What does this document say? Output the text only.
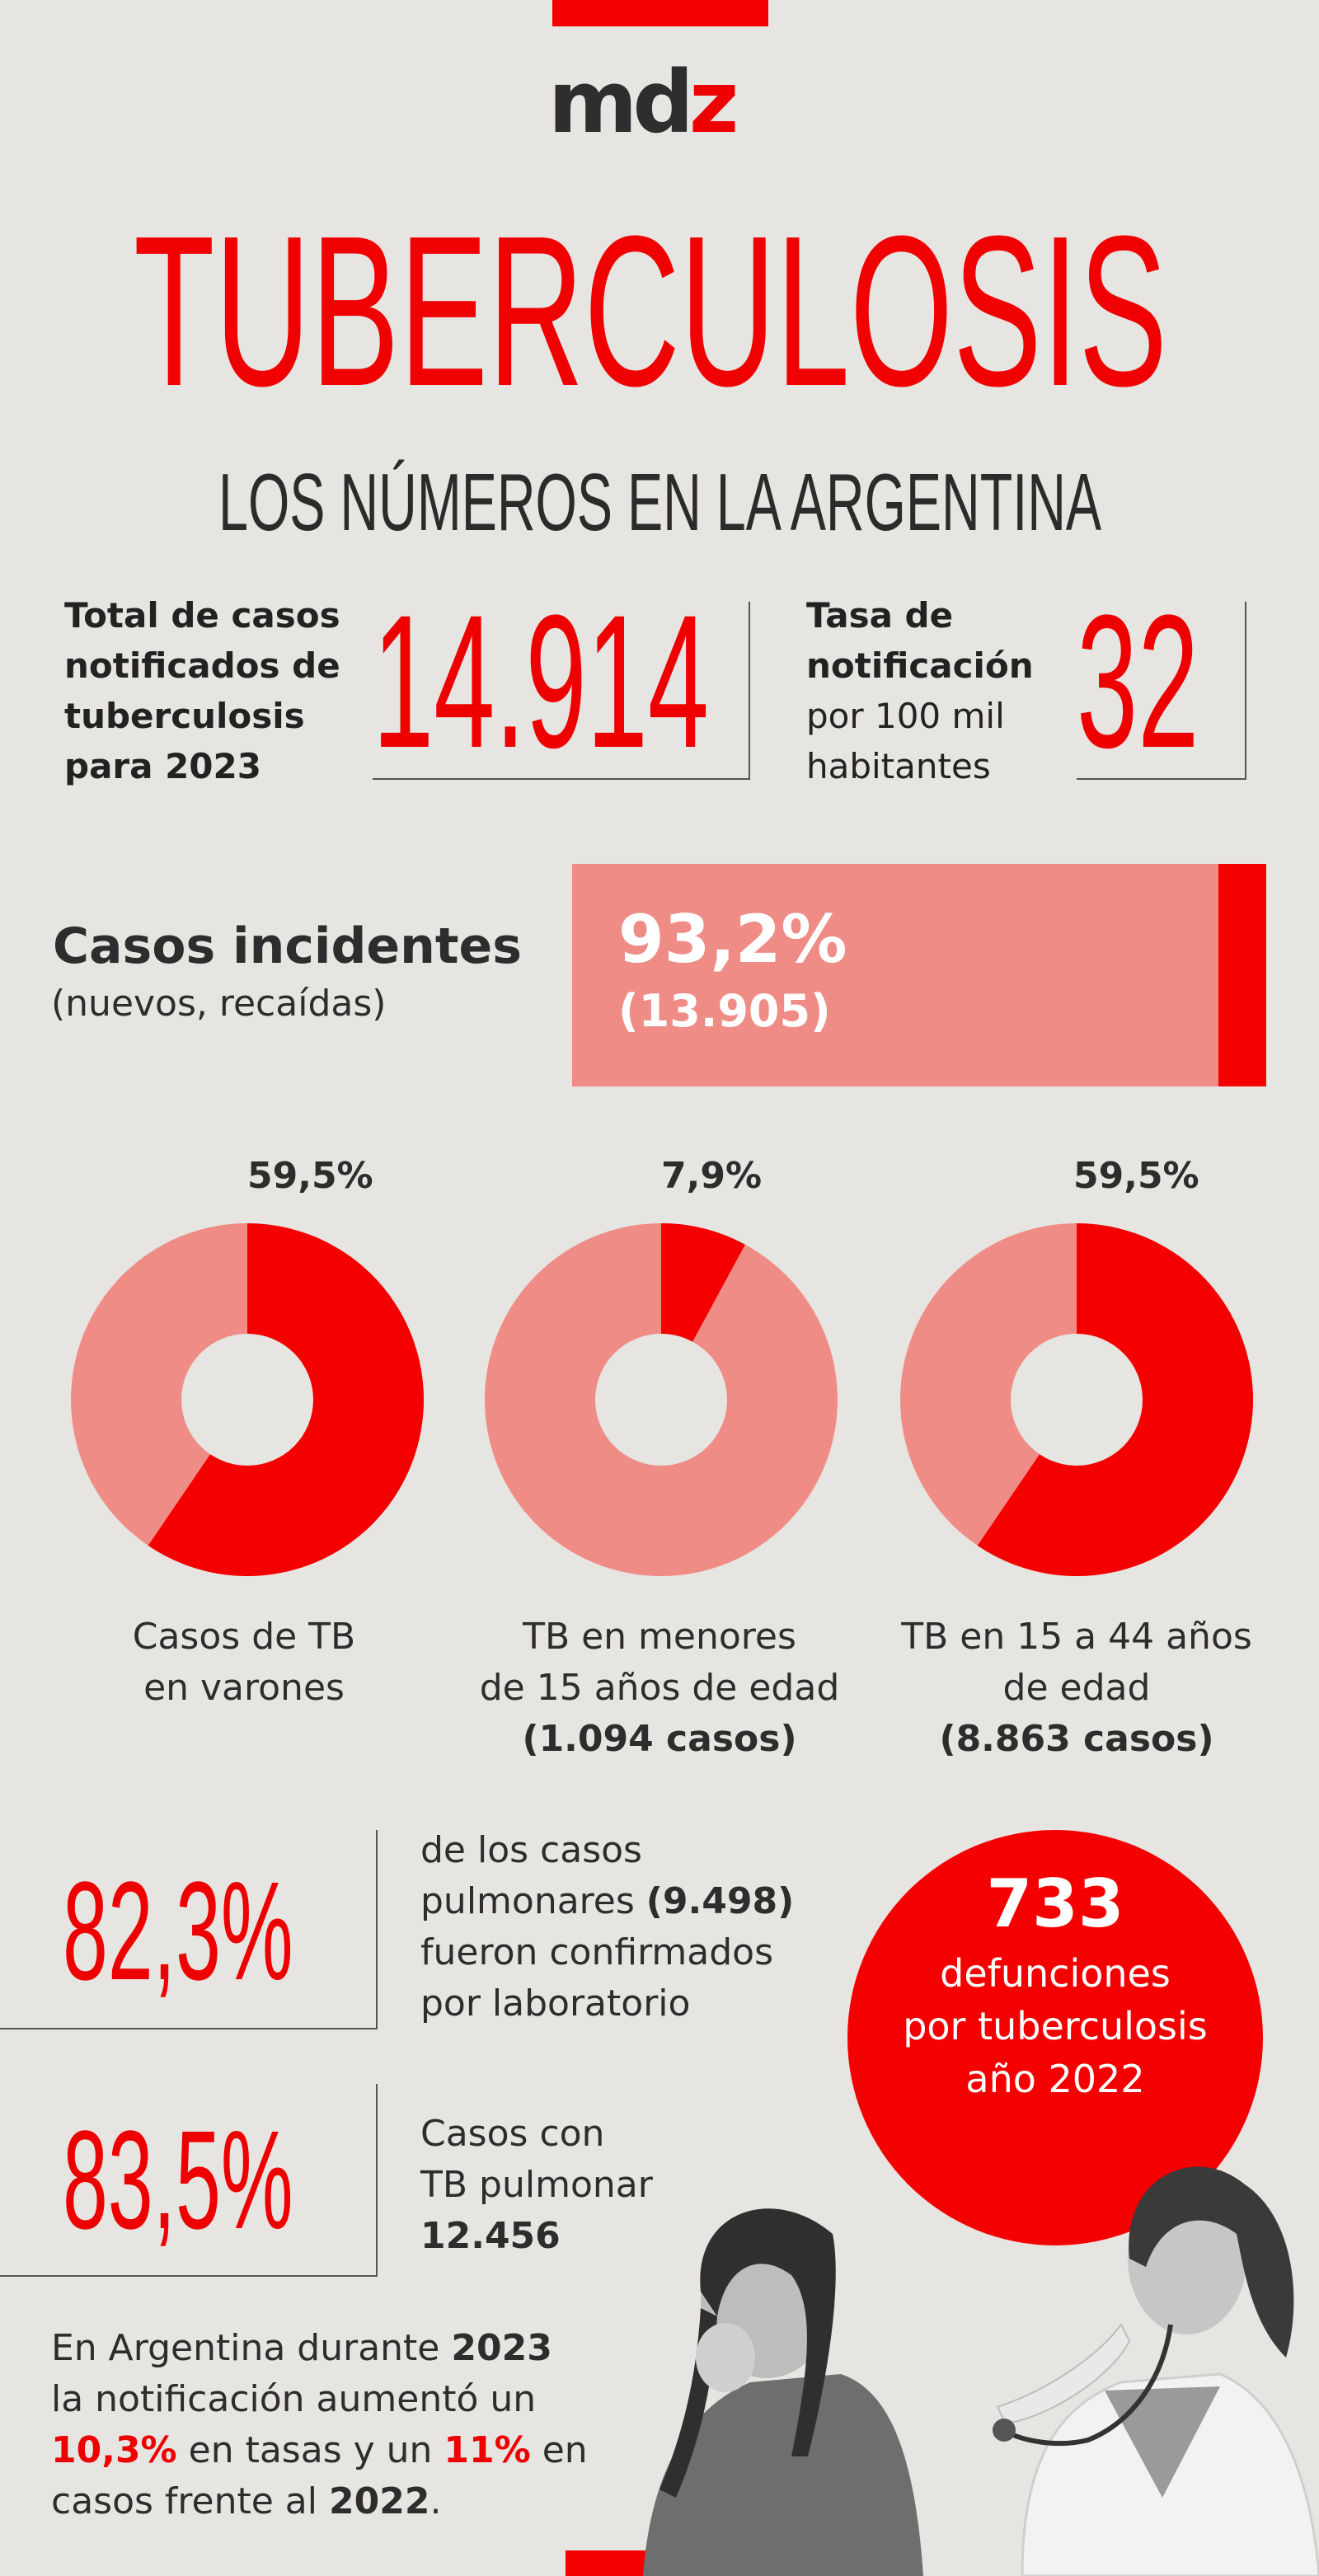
mdz
TUBERCULOSIS
LOS NÚMEROS EN LA ARGENTINA
Total de casos
notificados de
tuberculosis
para 2023 14.914	Tasa de
notificación
por 100 mil
habitantes 32
Casos incidentes
(nuevos, recaídas)
93,2%
(13.905)
59,5%	7,9%	59,5%
Casos de TB
en varones
TB en menores
de 15 años de edad
(1.094 casos)
TB en 15 a 44 años
de edad
(8.863 casos)
82,3%
de los casos
pulmonares (9.498)
fueron confirmados
por laboratorio
83,5%	Casos con
TB pulmonar
12.456
733
defunciones
por tuberculosis
año 2022
En Argentina durante 2023
la notificación aumentó un
10,3% en tasas y un 11% en
casos frente al 2022.
